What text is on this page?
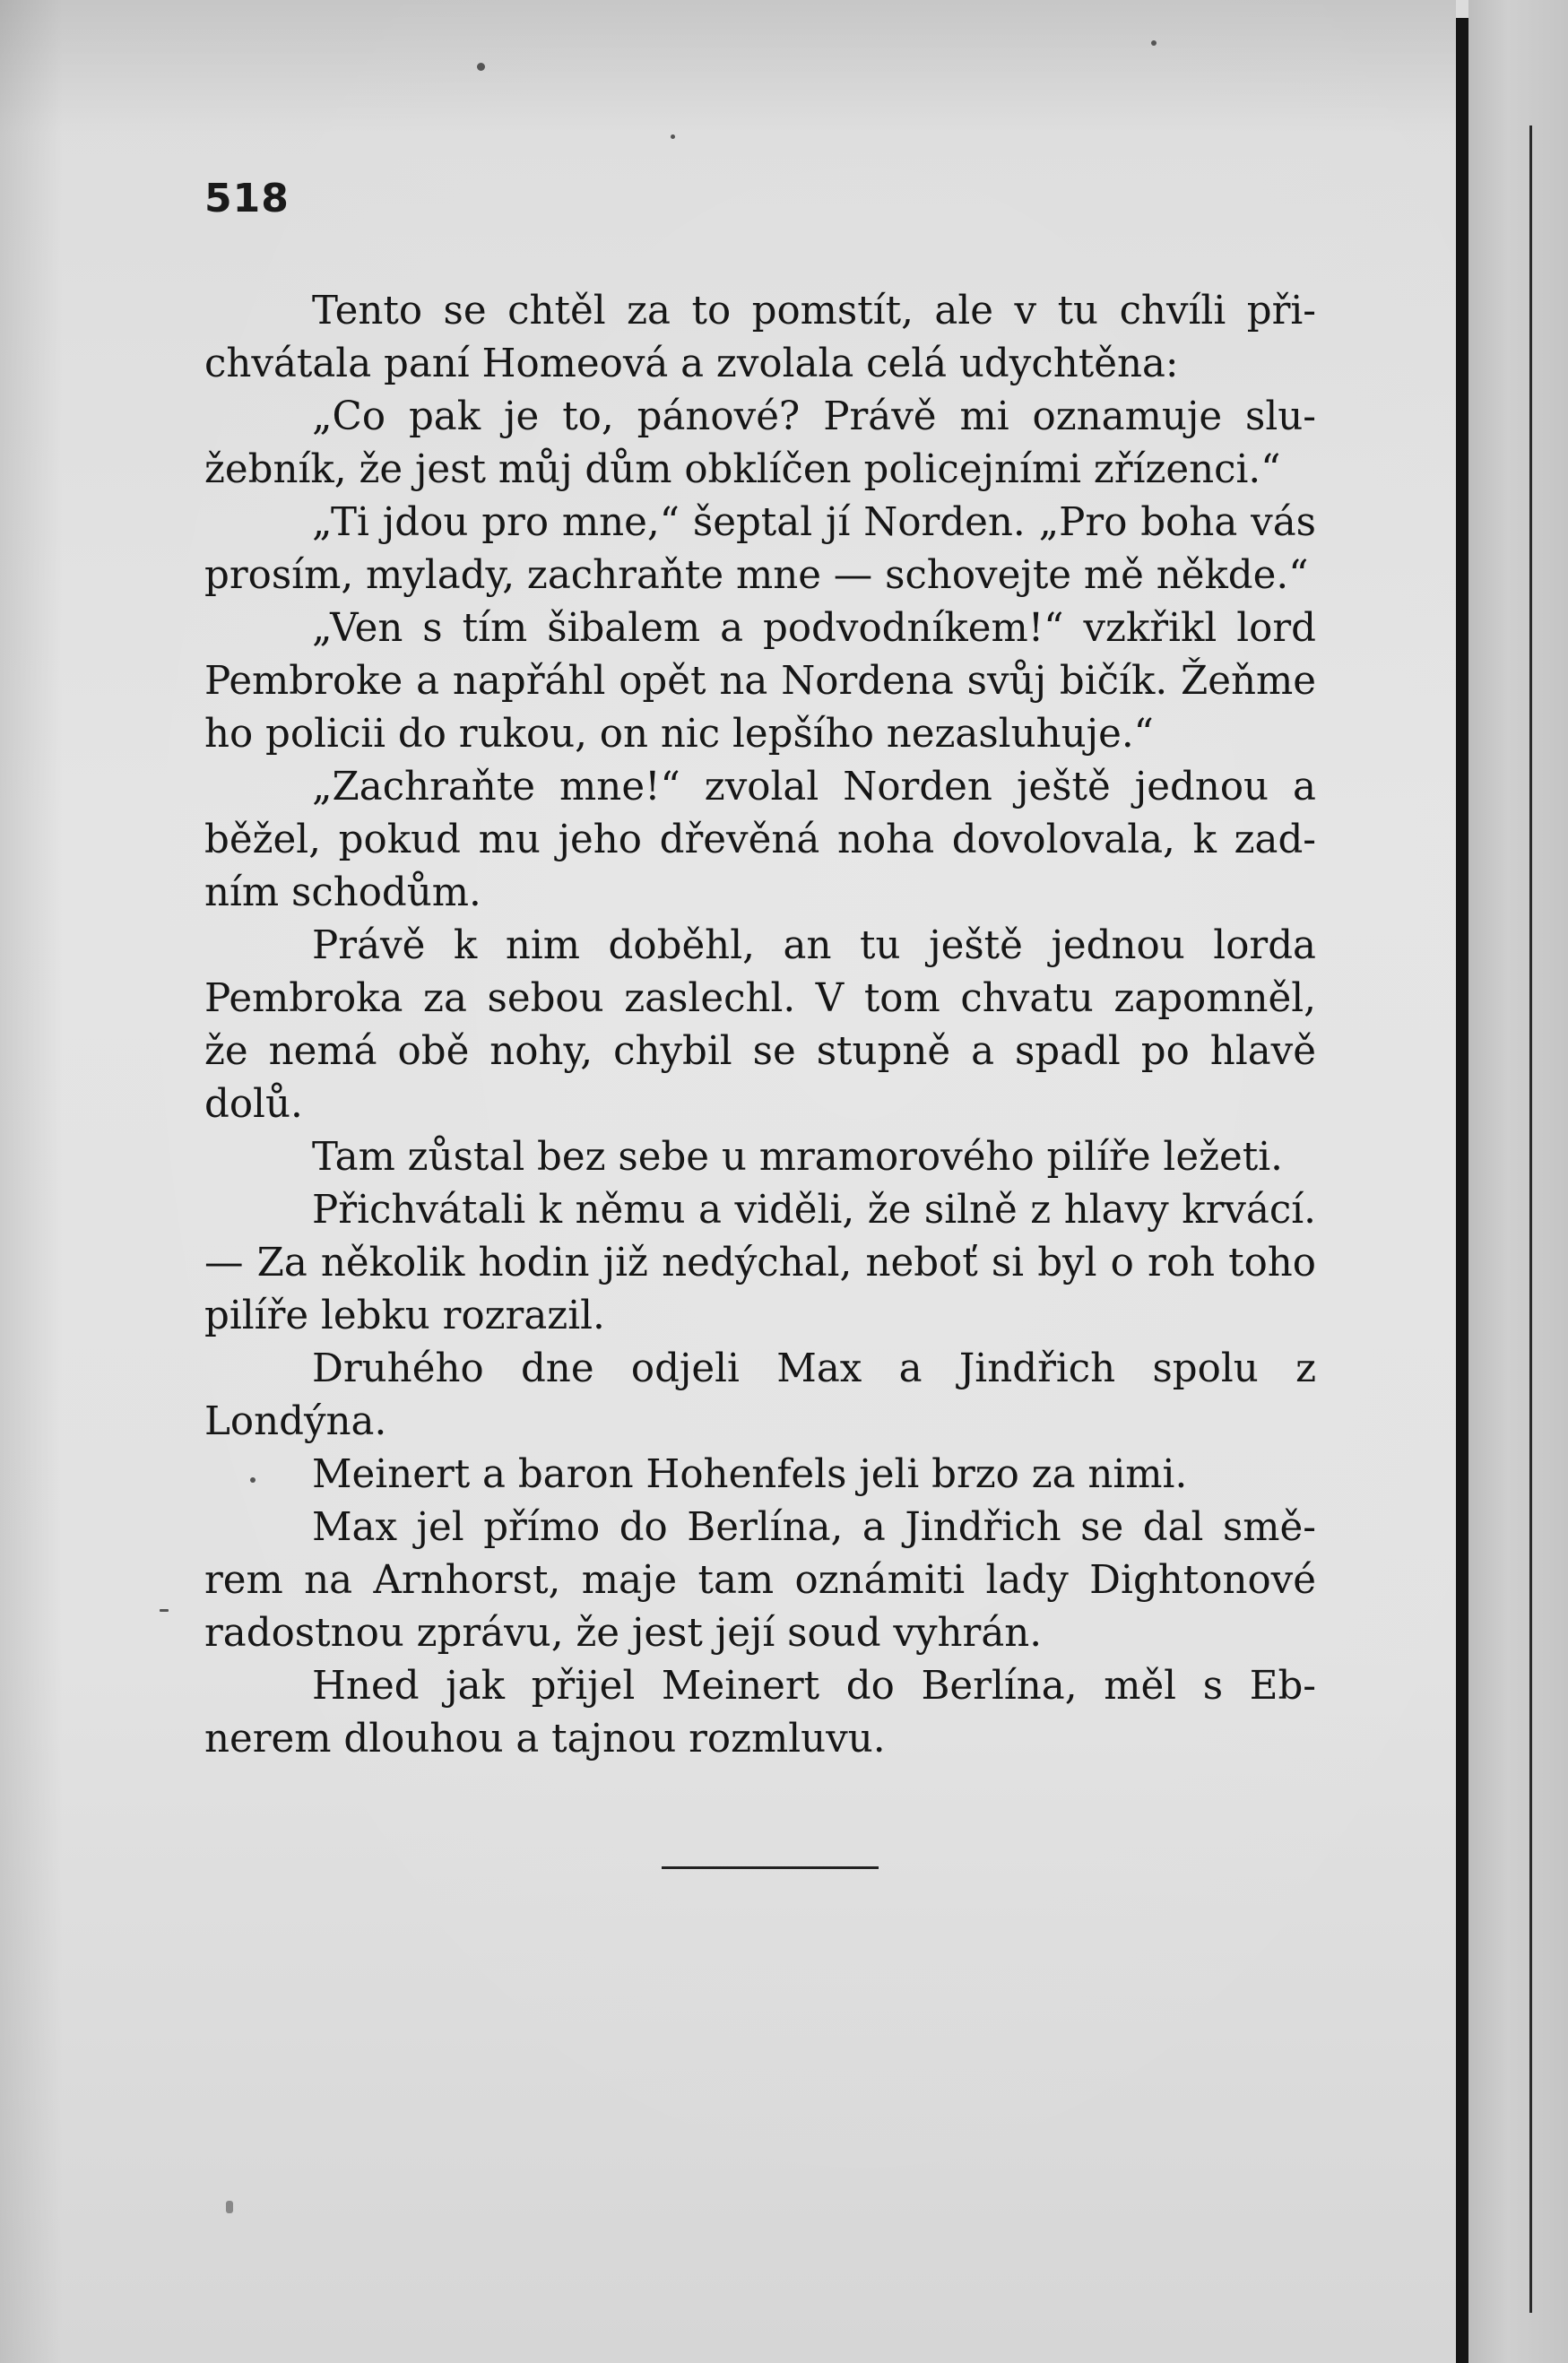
518

Tento se chtěl za to pomstít, ale v tu chvíli přichvátala paní Homeová a zvolala celá udychtěna:

„Co pak je to, pánové? Právě mi oznamuje služebník, že jest můj dům obklíčen policejními zřízenci.“

„Ti jdou pro mne,“ šeptal jí Norden. „Pro boha vás prosím, mylady, zachraňte mne — schovejte mě někde.“

„Ven s tím šibalem a podvodníkem!“ vzkřikl lord Pembroke a napřáhl opět na Nordena svůj bičík. Žeňme ho policii do rukou, on nic lepšího nezasluhuje.“

„Zachraňte mne!“ zvolal Norden ještě jednou a běžel, pokud mu jeho dřevěná noha dovolovala, k zadním schodům.

Právě k nim doběhl, an tu ještě jednou lorda Pembroka za sebou zaslechl. V tom chvatu zapomněl, že nemá obě nohy, chybil se stupně a spadl po hlavě dolů.

Tam zůstal bez sebe u mramorového pilíře ležeti.

Přichvátali k němu a viděli, že silně z hlavy krvácí. — Za několik hodin již nedýchal, neboť si byl o roh toho pilíře lebku rozrazil.

Druhého dne odjeli Max a Jindřich spolu z Londýna.

Meinert a baron Hohenfels jeli brzo za nimi.

Max jel přímo do Berlína, a Jindřich se dal směrem na Arnhorst, maje tam oznámiti lady Dightonové radostnou zprávu, že jest její soud vyhrán.

Hned jak přijel Meinert do Berlína, měl s Ebnerem dlouhou a tajnou rozmluvu.
